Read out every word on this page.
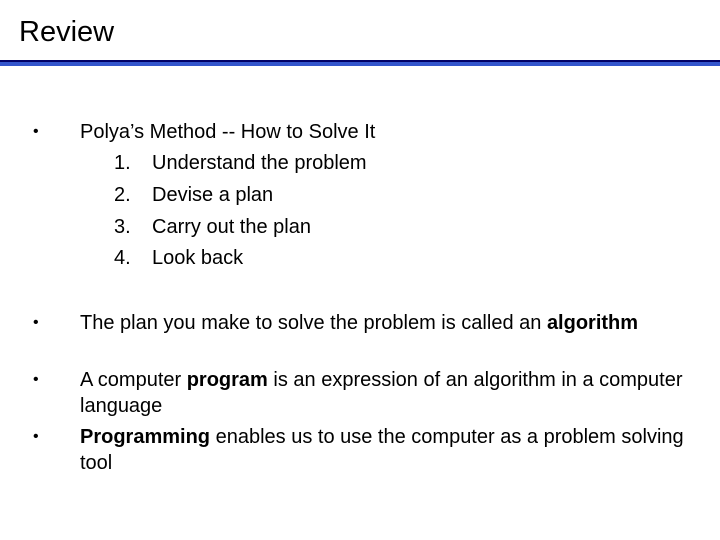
Review
•	Polya’s Method -- How to Solve It
1.	Understand the problem
2.	Devise a plan
3.	Carry out the plan
4.	Look back
•	The plan you make to solve the problem is called an algorithm
•	A computer program is an expression of an algorithm in a computer language
•	Programming enables us to use the computer as a problem solving tool
